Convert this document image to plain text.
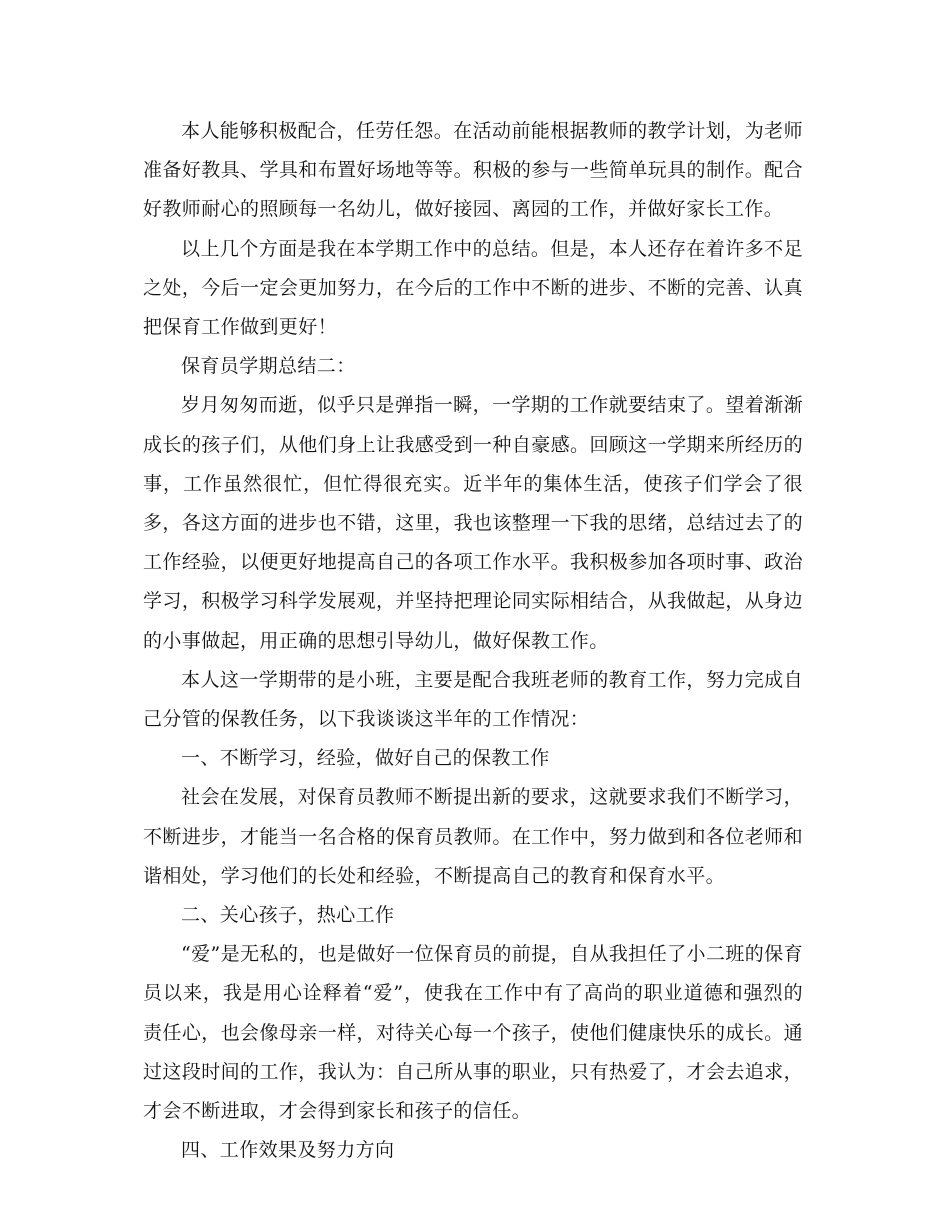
本人能够积极配合，任劳任怨。在活动前能根据教师的教学计划，为老师准备好教具、学具和布置好场地等等。积极的参与一些简单玩具的制作。配合好教师耐心的照顾每一名幼儿，做好接园、离园的工作，并做好家长工作。

以上几个方面是我在本学期工作中的总结。但是，本人还存在着许多不足之处，今后一定会更加努力，在今后的工作中不断的进步、不断的完善、认真把保育工作做到更好！

保育员学期总结二：

岁月匆匆而逝，似乎只是弹指一瞬，一学期的工作就要结束了。望着渐渐成长的孩子们，从他们身上让我感受到一种自豪感。回顾这一学期来所经历的事，工作虽然很忙，但忙得很充实。近半年的集体生活，使孩子们学会了很多，各这方面的进步也不错，这里，我也该整理一下我的思绪，总结过去了的工作经验，以便更好地提高自己的各项工作水平。我积极参加各项时事、政治学习，积极学习科学发展观，并坚持把理论同实际相结合，从我做起，从身边的小事做起，用正确的思想引导幼儿，做好保教工作。

本人这一学期带的是小班，主要是配合我班老师的教育工作，努力完成自己分管的保教任务，以下我谈谈这半年的工作情况：

一、不断学习，经验，做好自己的保教工作

社会在发展，对保育员教师不断提出新的要求，这就要求我们不断学习，不断进步，才能当一名合格的保育员教师。在工作中，努力做到和各位老师和谐相处，学习他们的长处和经验，不断提高自己的教育和保育水平。

二、关心孩子，热心工作

“爱”是无私的，也是做好一位保育员的前提，自从我担任了小二班的保育员以来，我是用心诠释着“爱”，使我在工作中有了高尚的职业道德和强烈的责任心，也会像母亲一样，对待关心每一个孩子，使他们健康快乐的成长。通过这段时间的工作，我认为：自己所从事的职业，只有热爱了，才会去追求，才会不断进取，才会得到家长和孩子的信任。

四、工作效果及努力方向
